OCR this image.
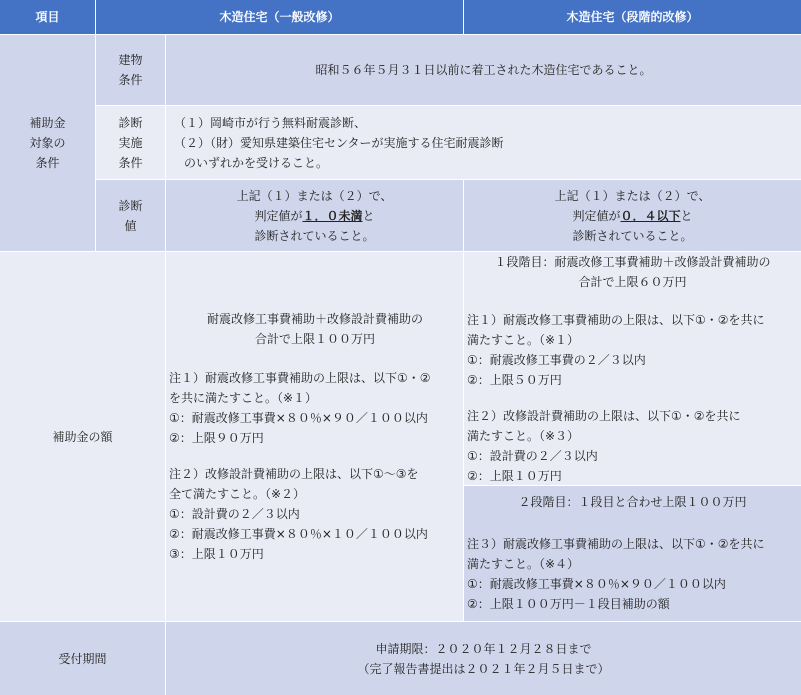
項目	木造住宅（一般改修）	木造住宅（段階的改修）
補助金
対象の
条件
建物
条件
昭和５６年５月３１日以前に着工された木造住宅であること。
診断
実施
条件
（１）岡崎市が行う無料耐震診断、
（２）（財）愛知県建築住宅センターが実施する住宅耐震診断
のいずれかを受けること。
診断
値
上記（１）または（２）で、
判定値が１．０未満と
診断されていること。
上記（１）または（２）で、
判定値が０．４以下と
診断されていること。
補助金の額
耐震改修工事費補助＋改修設計費補助の
合計で上限１００万円
注１）耐震改修工事費補助の上限は、以下①・②
を共に満たすこと。（※１）
①：耐震改修工事費×８０％×９０／１００以内
②：上限９０万円
注２）改修設計費補助の上限は、以下①～③を
全て満たすこと。（※２）
①：設計費の２／３以内
②：耐震改修工事費×８０％×１０／１００以内
③：上限１０万円
１段階目：耐震改修工事費補助＋改修設計費補助の
合計で上限６０万円
注１）耐震改修工事費補助の上限は、以下①・②を共に
満たすこと。（※１）
①：耐震改修工事費の２／３以内
②：上限５０万円
注２）改修設計費補助の上限は、以下①・②を共に
満たすこと。（※３）
①：設計費の２／３以内
②：上限１０万円
２段階目：１段目と合わせ上限１００万円
注３）耐震改修工事費補助の上限は、以下①・②を共に
満たすこと。（※４）
①：耐震改修工事費×８０％×９０／１００以内
②：上限１００万円－１段目補助の額
受付期間
申請期限：２０２０年１２月２８日まで
（完了報告書提出は２０２１年２月５日まで）
